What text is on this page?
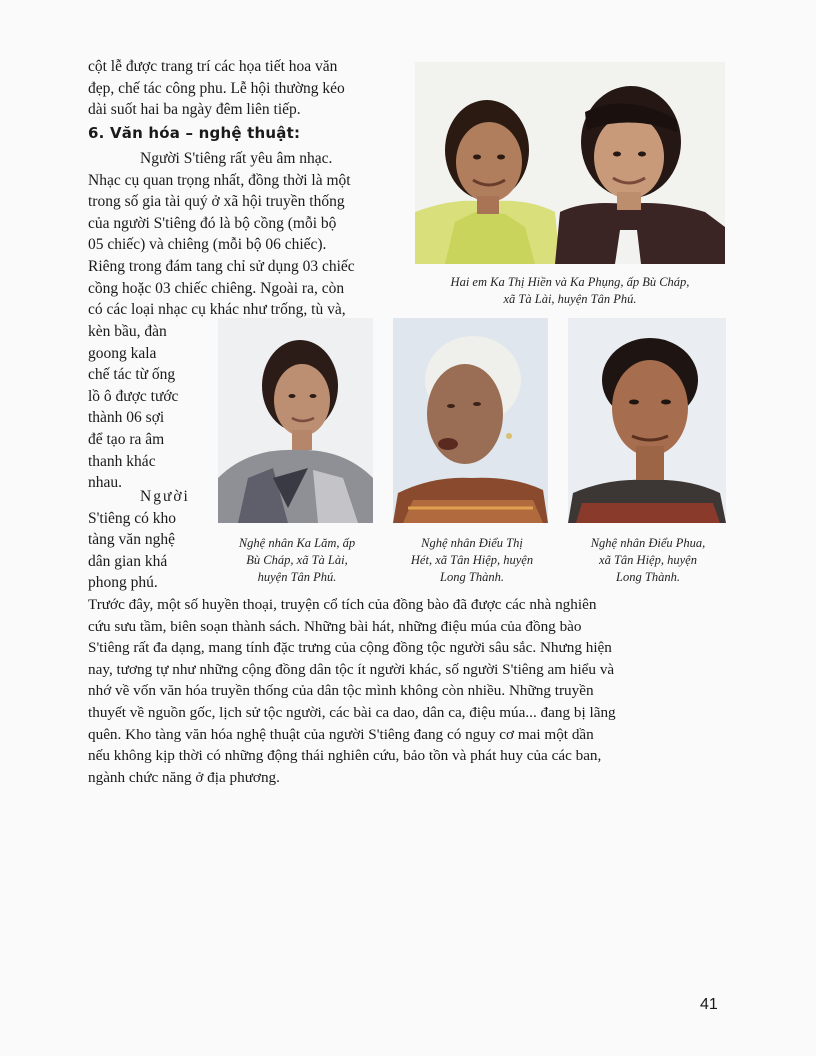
cột lễ được trang trí các họa tiết hoa văn
đẹp, chế tác công phu. Lễ hội thường kéo
dài suốt hai ba ngày đêm liên tiếp.
6. Văn hóa – nghệ thuật:
Người S'tiêng rất yêu âm nhạc.
Nhạc cụ quan trọng nhất, đồng thời là một
trong số gia tài quý ở xã hội truyền thống
của người S'tiêng đó là bộ cồng (mỗi bộ
05 chiếc) và chiêng (mỗi bộ 06 chiếc).
Riêng trong đám tang chỉ sử dụng 03 chiếc
cồng hoặc 03 chiếc chiêng. Ngoài ra, còn
có các loại nhạc cụ khác như trống, tù và,
kèn bầu, đàn
goong kala
chế tác từ ống
lồ ô được tước
thành 06 sợi
để tạo ra âm
thanh khác
nhau.
Người
S'tiêng có kho
tàng văn nghệ
dân gian khá
phong phú.
Trước đây, một số huyền thoại, truyện cổ tích của đồng bào đã được các nhà nghiên
cứu sưu tầm, biên soạn thành sách. Những bài hát, những điệu múa của đồng bào
S'tiêng rất đa dạng, mang tính đặc trưng của cộng đồng tộc người sâu sắc. Nhưng hiện
nay, tương tự như những cộng đồng dân tộc ít người khác, số người S'tiêng am hiểu và
nhớ về vốn văn hóa truyền thống của dân tộc mình không còn nhiều. Những truyền
thuyết về nguồn gốc, lịch sử tộc người, các bài ca dao, dân ca, điệu múa... đang bị lãng
quên. Kho tàng văn hóa nghệ thuật của người S'tiêng đang có nguy cơ mai một dần
nếu không kịp thời có những động thái nghiên cứu, bảo tồn và phát huy của các ban,
ngành chức năng ở địa phương.
Hai em Ka Thị Hiền và Ka Phụng, ấp Bù Cháp,
xã Tà Lài, huyện Tân Phú.
Nghệ nhân Ka Lăm, ấp
Bù Cháp, xã Tà Lài,
huyện Tân Phú.
Nghệ nhân Điểu Thị
Hét, xã Tân Hiệp, huyện
Long Thành.
Nghệ nhân Điểu Phua,
xã Tân Hiệp, huyện
Long Thành.
41
